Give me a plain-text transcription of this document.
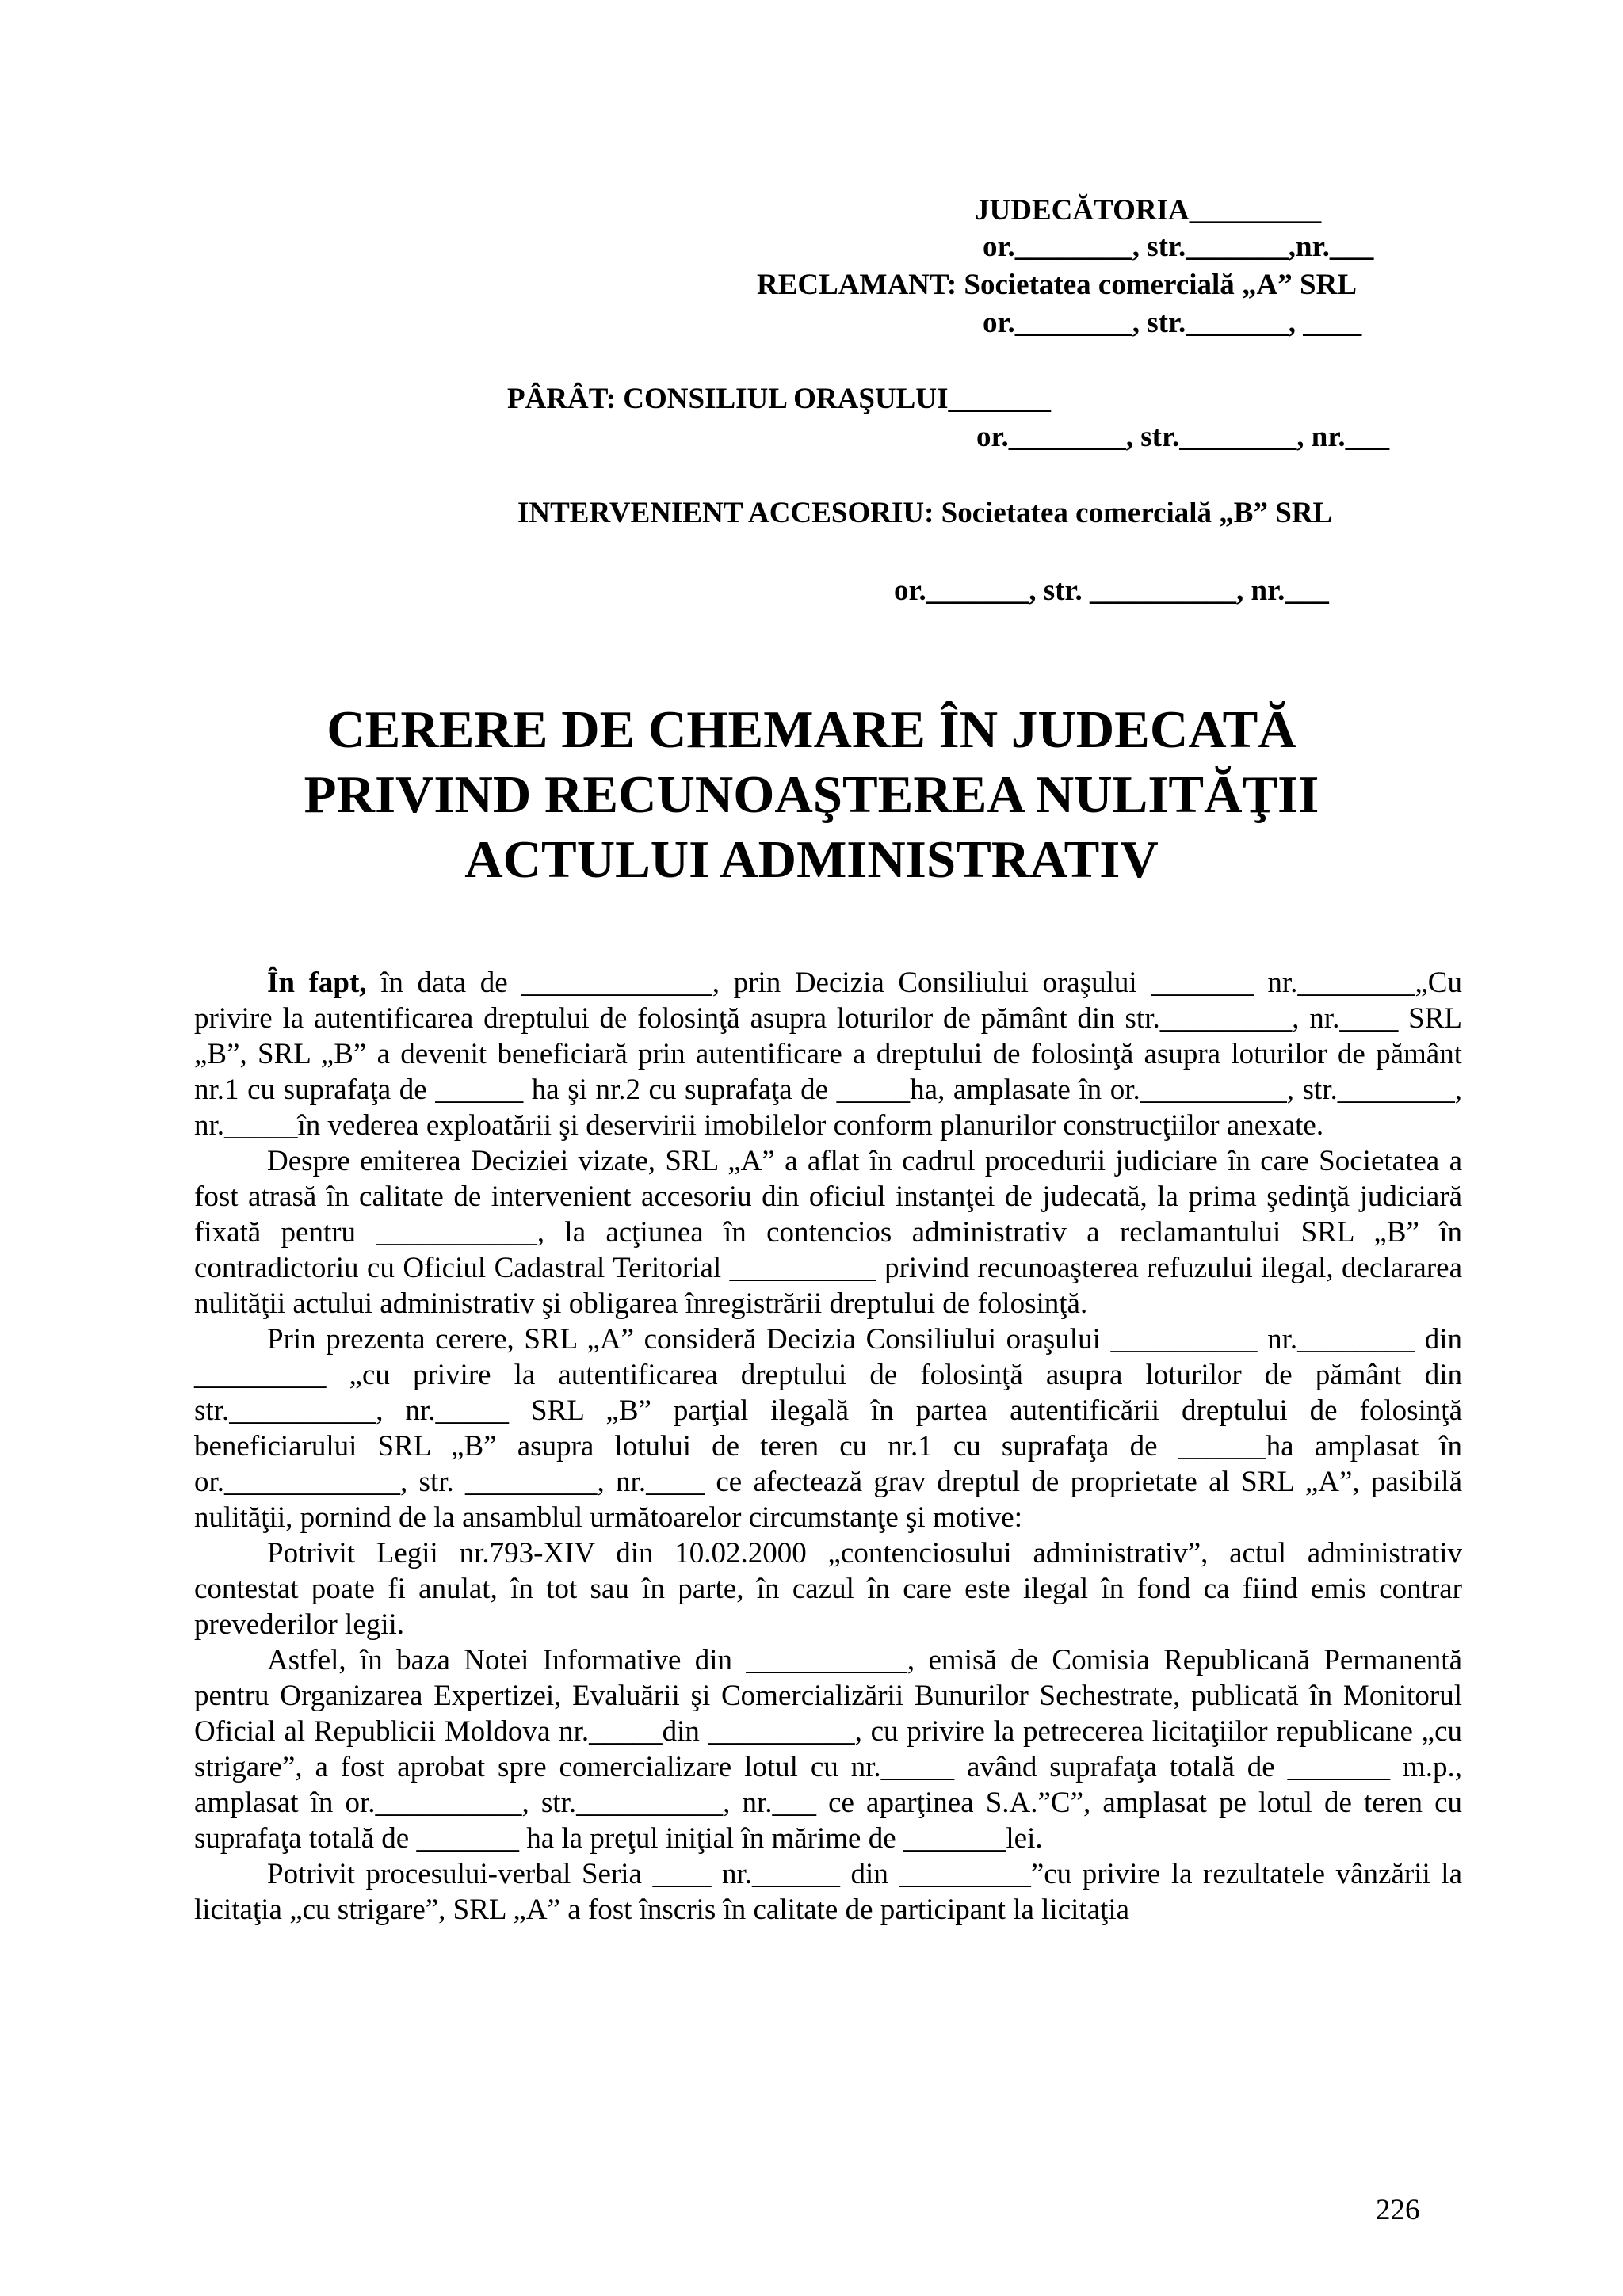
JUDECĂTORIA_________
or.________, str._______,nr.___
RECLAMANT: Societatea comercială „A” SRL
or.________, str._______, ____
PÂRÂT: CONSILIUL ORAŞULUI_______
or.________, str.________, nr.___
INTERVENIENT ACCESORIU: Societatea comercială „B” SRL
or._______, str. __________, nr.___
CERERE DE CHEMARE ÎN JUDECATĂ
PRIVIND RECUNOAŞTEREA NULITĂŢII
ACTULUI ADMINISTRATIV

În fapt, în data de _____________, prin Decizia Consiliului oraşului _______ nr.________„Cu privire la autentificarea dreptului de folosinţă asupra loturilor de pământ din str._________, nr.____ SRL „B”, SRL „B” a devenit beneficiară prin autentificare a dreptului de folosinţă asupra loturilor de pământ nr.1 cu suprafaţa de ______ ha şi nr.2 cu suprafaţa de _____ha, amplasate în or.__________, str.________, nr._____în vederea exploatării şi deservirii imobilelor conform planurilor construcţiilor anexate.

Despre emiterea Deciziei vizate, SRL „A” a aflat în cadrul procedurii judiciare în care Societatea a fost atrasă în calitate de intervenient accesoriu din oficiul instanţei de judecată, la prima şedinţă judiciară fixată pentru ___________, la acţiunea în contencios administrativ a reclamantului SRL „B” în contradictoriu cu Oficiul Cadastral Teritorial __________ privind recunoaşterea refuzului ilegal, declararea nulităţii actului administrativ şi obligarea înregistrării dreptului de folosinţă.

Prin prezenta cerere, SRL „A” consideră Decizia Consiliului oraşului __________ nr.________ din _________ „cu privire la autentificarea dreptului de folosinţă asupra loturilor de pământ din str.__________, nr._____ SRL „B” parţial ilegală în partea autentificării dreptului de folosinţă beneficiarului SRL „B” asupra lotului de teren cu nr.1 cu suprafaţa de ______ha amplasat în or.____________, str. _________, nr.____ ce afectează grav dreptul de proprietate al SRL „A”, pasibilă nulităţii, pornind de la ansamblul următoarelor circumstanţe şi motive:

Potrivit Legii nr.793-XIV din 10.02.2000 „contenciosului administrativ”, actul administrativ contestat poate fi anulat, în tot sau în parte, în cazul în care este ilegal în fond ca fiind emis contrar prevederilor legii.

Astfel, în baza Notei Informative din ___________, emisă de Comisia Republicană Permanentă pentru Organizarea Expertizei, Evaluării şi Comercializării Bunurilor Sechestrate, publicată în Monitorul Oficial al Republicii Moldova nr._____din __________, cu privire la petrecerea licitaţiilor republicane „cu strigare”, a fost aprobat spre comercializare lotul cu nr._____ având suprafaţa totală de _______ m.p., amplasat în or.__________, str.__________, nr.___ ce aparţinea S.A.”C”, amplasat pe lotul de teren cu suprafaţa totală de _______ ha la preţul iniţial în mărime de _______lei.

Potrivit procesului-verbal Seria ____ nr.______ din _________”cu privire la rezultatele vânzării la licitaţia „cu strigare”, SRL „A” a fost înscris în calitate de participant la licitaţia

226
